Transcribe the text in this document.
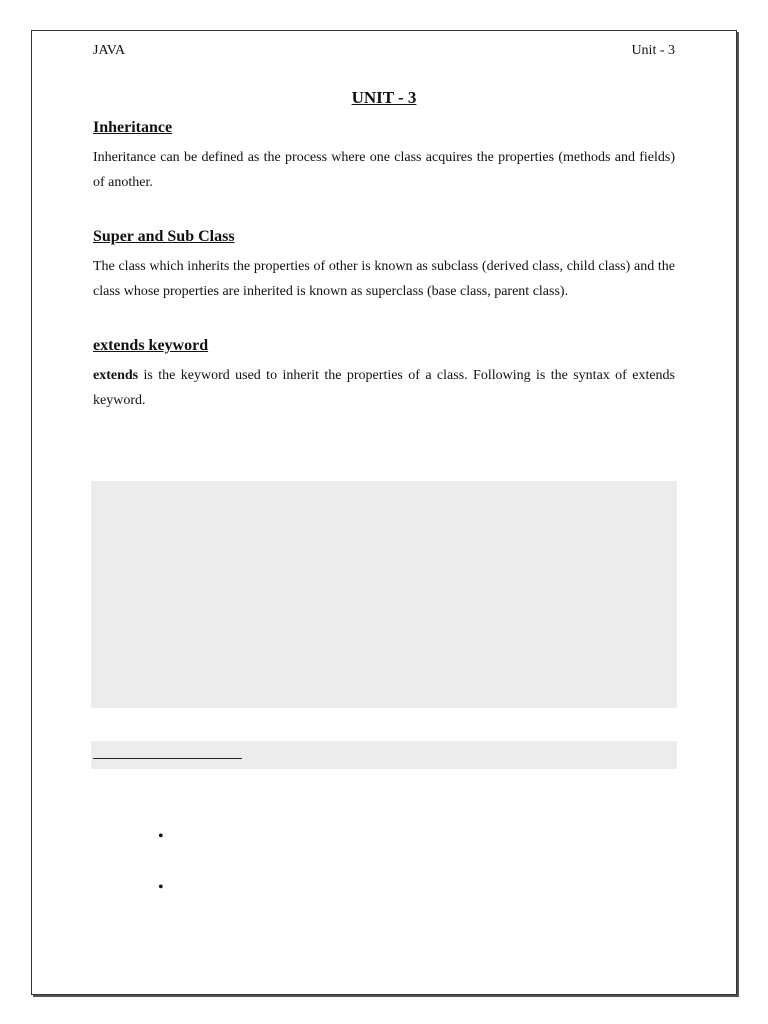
JAVA	Unit - 3
UNIT - 3
Inheritance
Inheritance can be defined as the process where one class acquires the properties (methods and fields) of another.
Super and Sub Class
The class which inherits the properties of other is known as subclass (derived class, child class) and the class whose properties are inherited is known as superclass (base class, parent class).
extends keyword
extends is the keyword used to inherit the properties of a class. Following is the syntax of extends keyword.
•
•
